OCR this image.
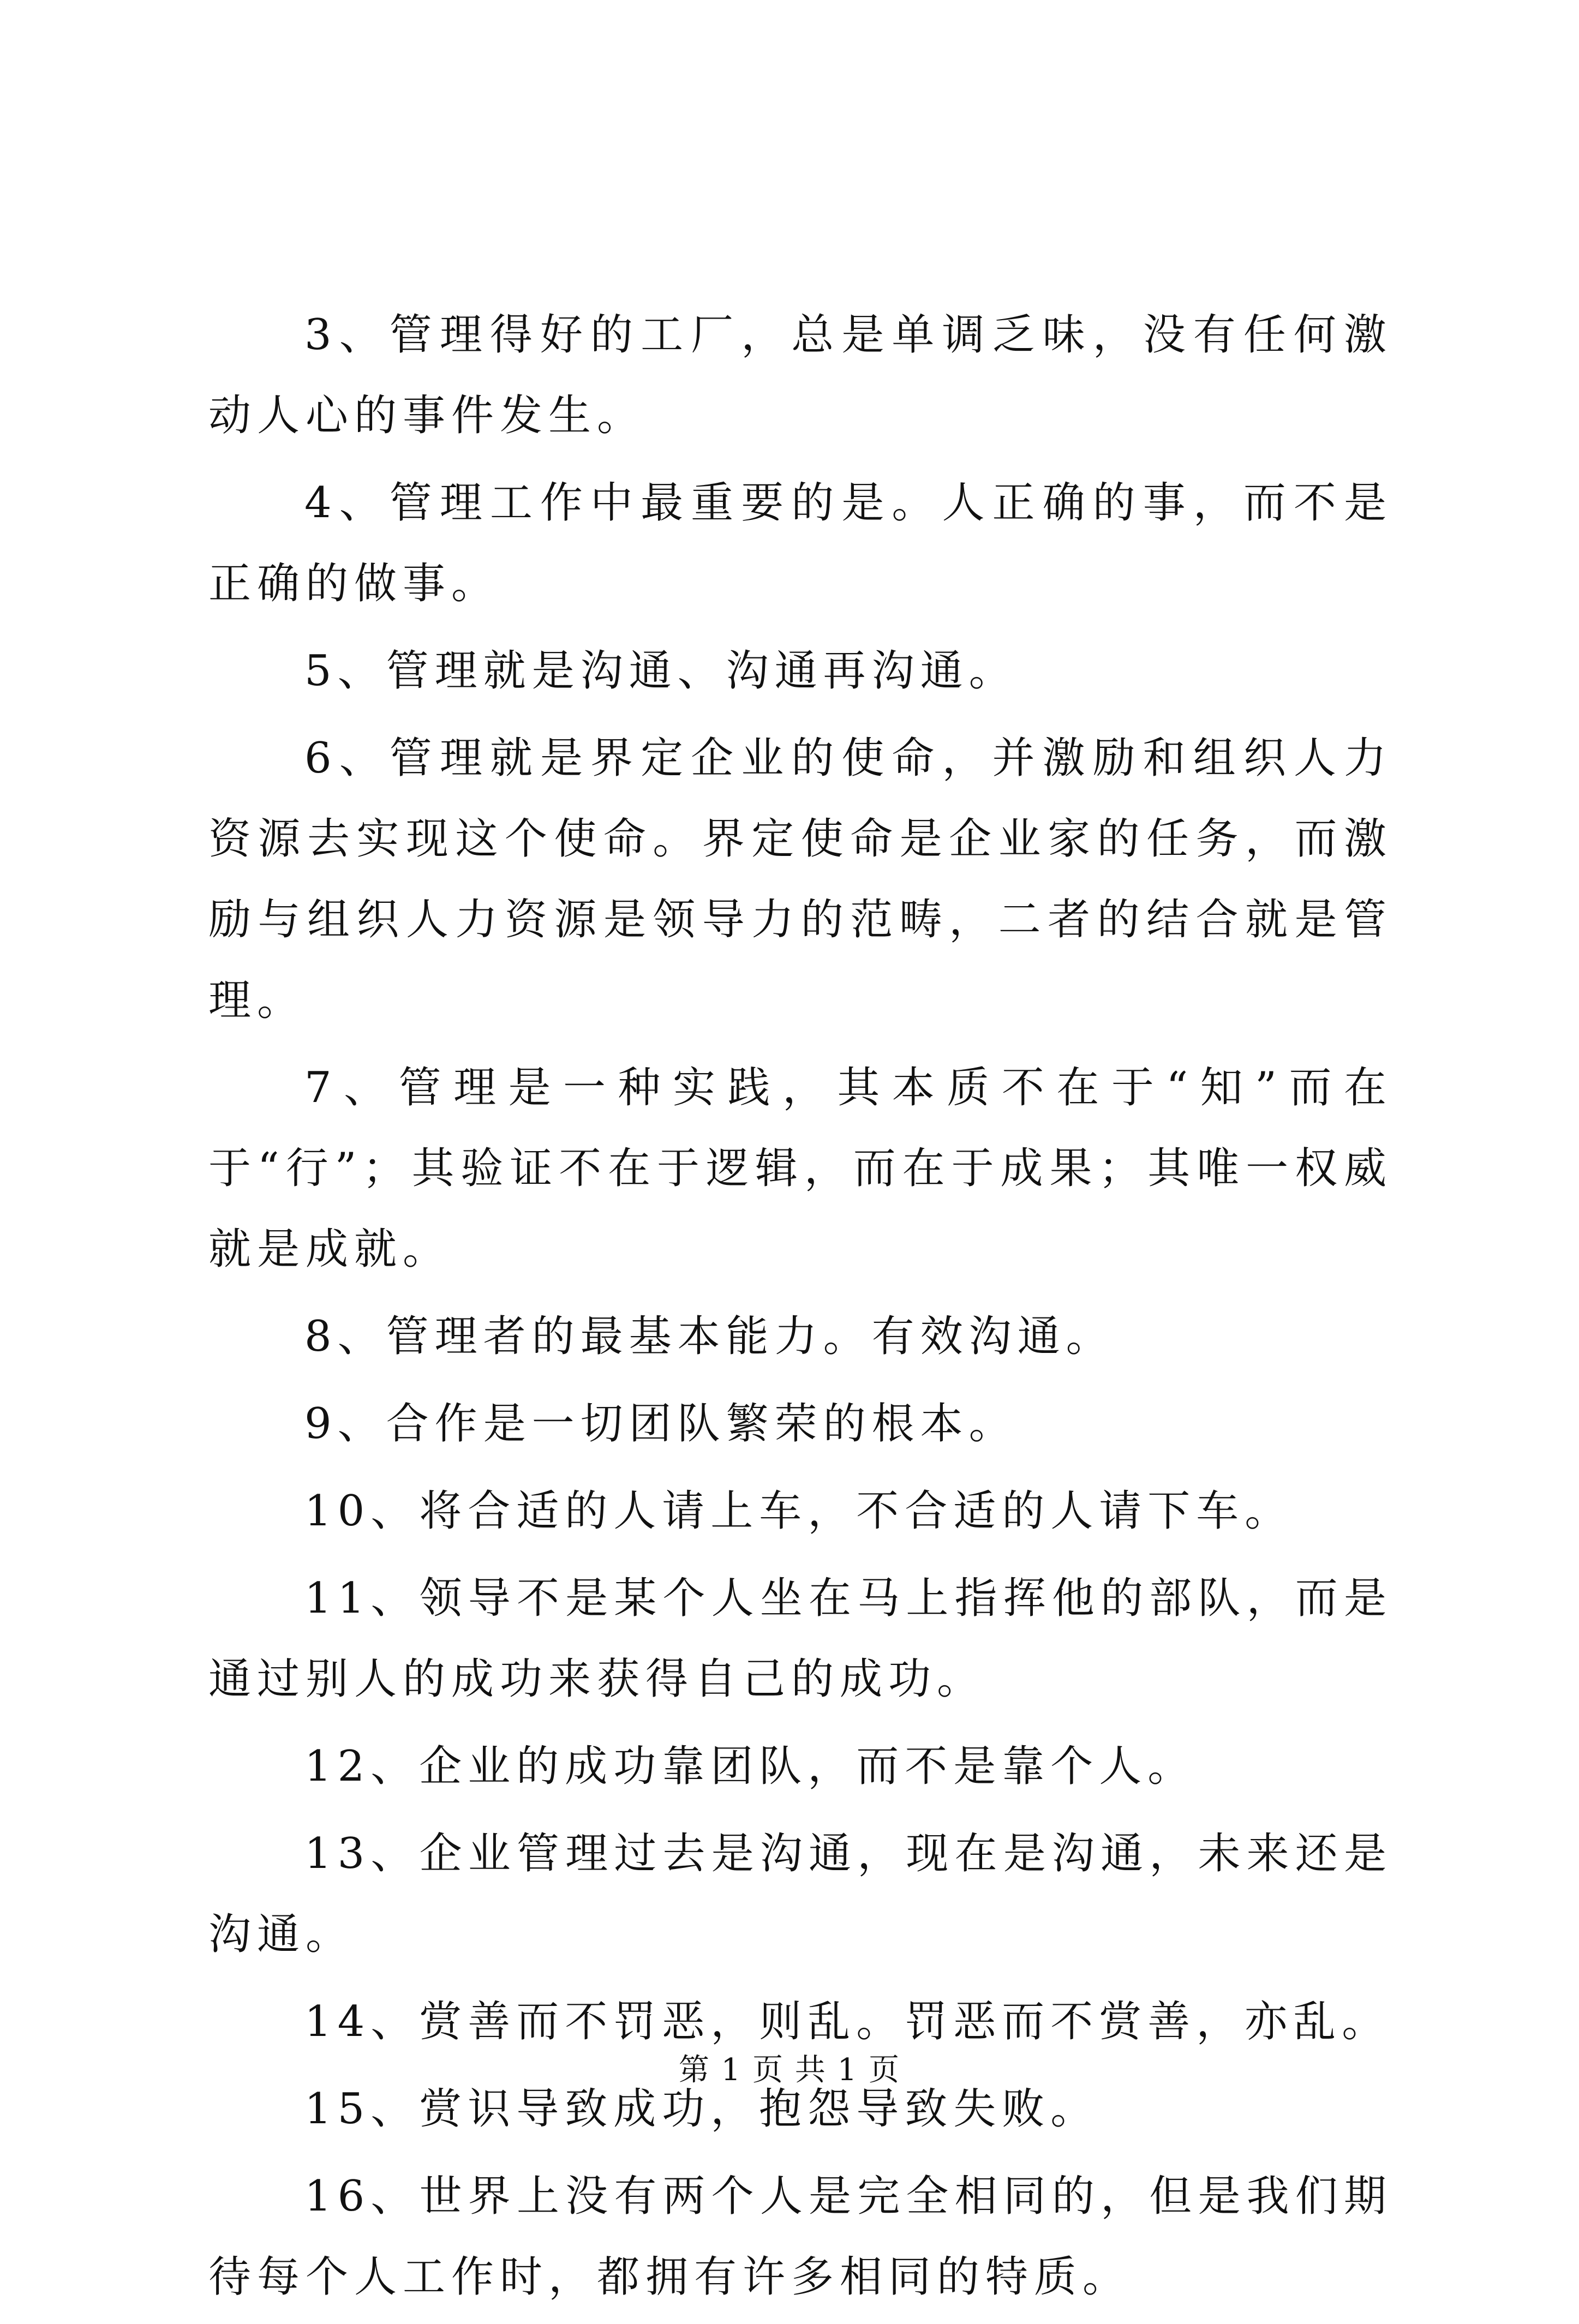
3、管理得好的工厂，总是单调乏味，没有任何激动人心的事件发生。

4、管理工作中最重要的是。人正确的事，而不是正确的做事。

5、管理就是沟通、沟通再沟通。

6、管理就是界定企业的使命，并激励和组织人力资源去实现这个使命。界定使命是企业家的任务，而激励与组织人力资源是领导力的范畴，二者的结合就是管理。

7、管理是一种实践，其本质不在于“知”而在于“行”；其验证不在于逻辑，而在于成果；其唯一权威就是成就。

8、管理者的最基本能力。有效沟通。

9、合作是一切团队繁荣的根本。

10、将合适的人请上车，不合适的人请下车。

11、领导不是某个人坐在马上指挥他的部队，而是通过别人的成功来获得自己的成功。

12、企业的成功靠团队，而不是靠个人。

13、企业管理过去是沟通，现在是沟通，未来还是沟通。

14、赏善而不罚恶，则乱。罚恶而不赏善，亦乱。

15、赏识导致成功，抱怨导致失败。

16、世界上没有两个人是完全相同的，但是我们期待每个人工作时，都拥有许多相同的特质。

第 1 页 共 1 页
